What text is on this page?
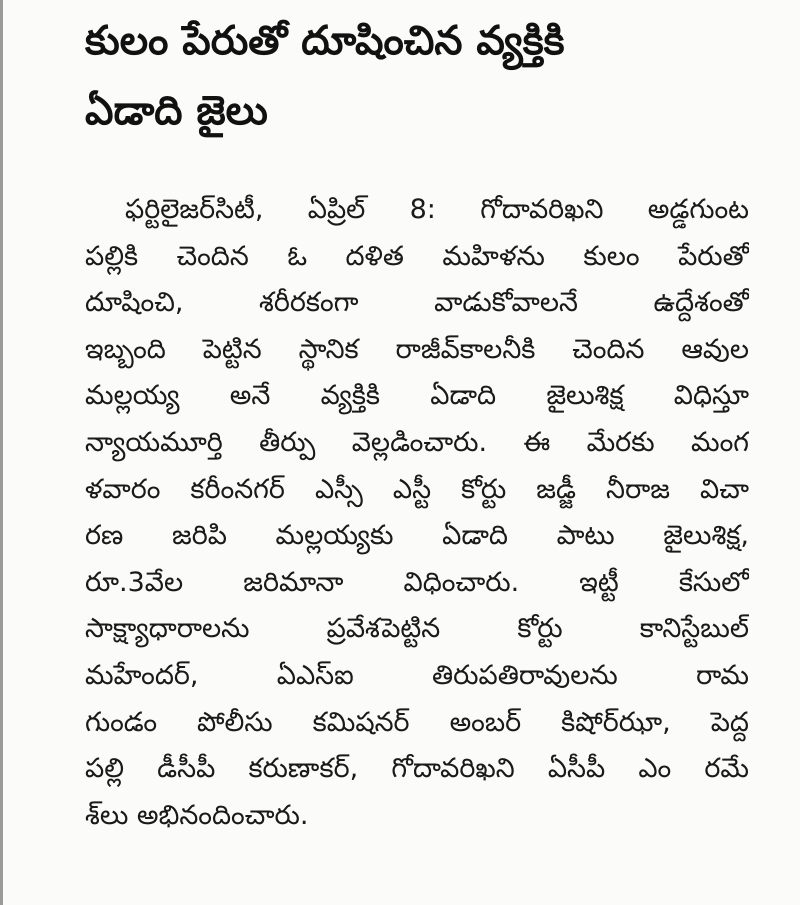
కులం పేరుతో దూషించిన వ్యక్తికి
ఏడాది జైలు
ఫర్టిలైజర్‌సిటీ, ఏప్రిల్ 8: గోదావరిఖని అడ్డగుంట
పల్లికి చెందిన ఓ దళిత మహిళను కులం పేరుతో
దూషించి, శరీరకంగా వాడుకోవాలనే ఉద్దేశంతో
ఇబ్బంది పెట్టిన స్థానిక రాజీవ్‌కాలనీకి చెందిన ఆవుల
మల్లయ్య అనే వ్యక్తికి ఏడాది జైలుశిక్ష విధిస్తూ
న్యాయమూర్తి తీర్పు వెల్లడించారు. ఈ మేరకు మంగ
ళవారం కరీంనగర్ ఎస్సీ ఎస్టీ కోర్టు జడ్జీ నీరాజ విచా
రణ జరిపి మల్లయ్యకు ఏడాది పాటు జైలుశిక్ష,
రూ.3వేల జరిమానా విధించారు. ఇట్టీ కేసులో
సాక్ష్యాధారాలను ప్రవేశపెట్టిన కోర్టు కానిస్టేబుల్
మహేందర్, ఏఎస్ఐ తిరుపతిరావులను రామ
గుండం పోలీసు కమిషనర్ అంబర్ కిషోర్‌ఝా, పెద్ద
పల్లి డీసీపీ కరుణాకర్, గోదావరిఖని ఏసీపీ ఎం రమే
శ్‌లు అభినందించారు.
